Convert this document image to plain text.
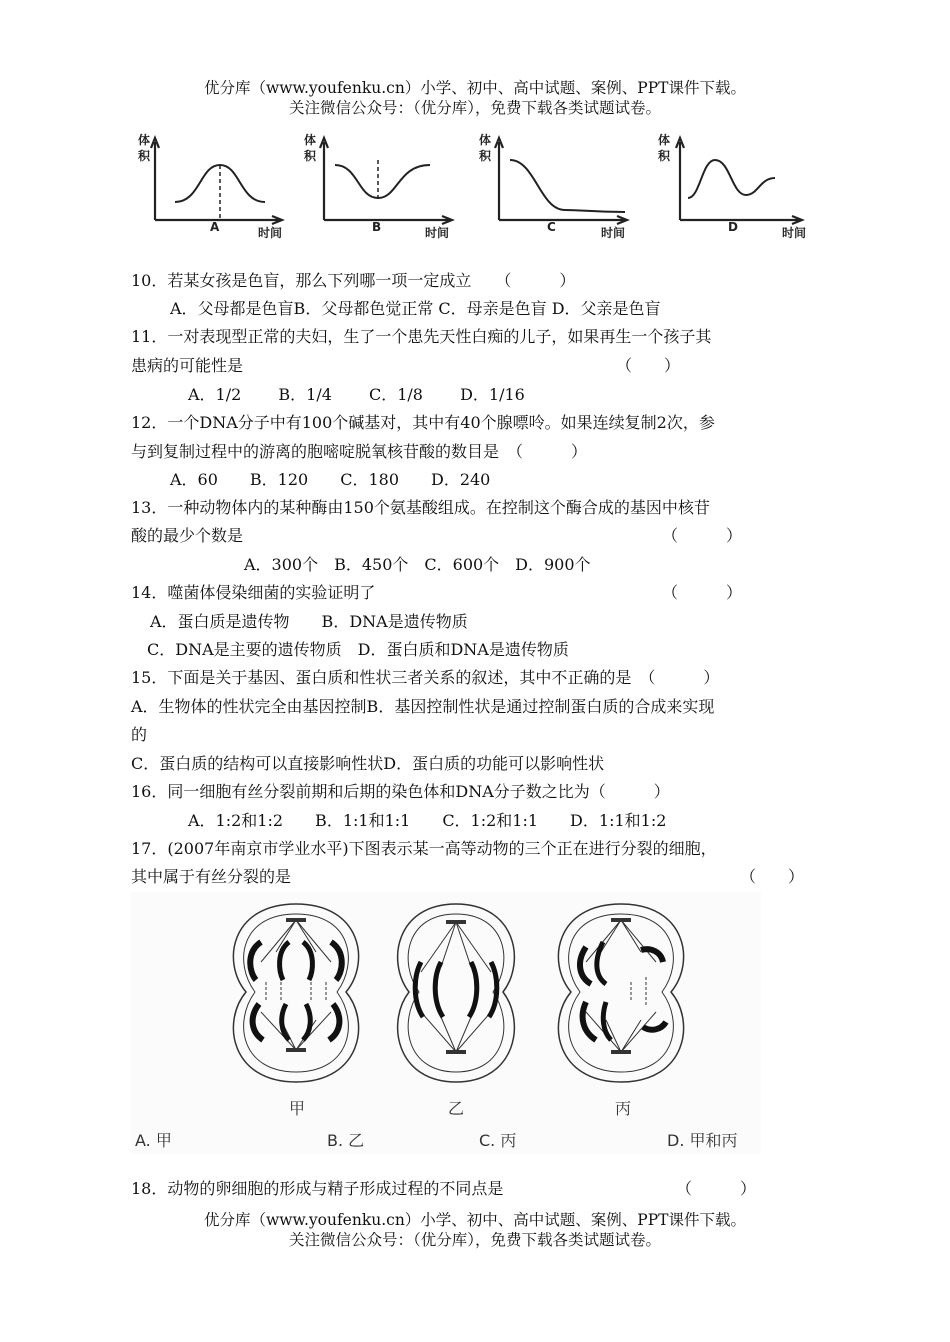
优分库（www.youfenku.cn）小学、初中、高中试题、案例、PPT课件下载。
关注微信公众号：（优分库），免费下载各类试题试卷。
体
积
A	时间
体
积
B	时间
体
积
C	时间
体
积
D	时间
10．若某女孩是色盲，那么下列哪一项一定成立　　（　　　）
A．父母都是色盲B．父母都色觉正常 C．母亲是色盲 D．父亲是色盲
11．一对表现型正常的夫妇，生了一个患先天性白痴的儿子，如果再生一个孩子其
患病的可能性是	（　　）
A．1/2　　 B．1/4　　 C．1/8　　 D．1/16
12．一个DNA分子中有100个碱基对，其中有40个腺嘌呤。如果连续复制2次，参
与到复制过程中的游离的胞嘧啶脱氧核苷酸的数目是　（　　　）
A．60　　B．120　　C．180　　D．240
13．一种动物体内的某种酶由150个氨基酸组成。在控制这个酶合成的基因中核苷
酸的最少个数是	（　　　）
A．300个　B．450个　C．600个　D．900个
14．噬菌体侵染细菌的实验证明了	（　　　）
A．蛋白质是遗传物　　B．DNA是遗传物质
C．DNA是主要的遗传物质　D．蛋白质和DNA是遗传物质
15．下面是关于基因、蛋白质和性状三者关系的叙述，其中不正确的是　（　　　）
A．生物体的性状完全由基因控制B．基因控制性状是通过控制蛋白质的合成来实现
的
C．蛋白质的结构可以直接影响性状D．蛋白质的功能可以影响性状
16．同一细胞有丝分裂前期和后期的染色体和DNA分子数之比为（　　　）
A．1:2和1:2　　B．1:1和1:1　　C．1:2和1:1　　D．1:1和1:2
17．(2007年南京市学业水平)下图表示某一高等动物的三个正在进行分裂的细胞，
其中属于有丝分裂的是	（　　）
甲	乙	丙
A. 甲	B. 乙	C. 丙	D. 甲和丙
18．动物的卵细胞的形成与精子形成过程的不同点是	（　　　）
优分库（www.youfenku.cn）小学、初中、高中试题、案例、PPT课件下载。
关注微信公众号：（优分库），免费下载各类试题试卷。
